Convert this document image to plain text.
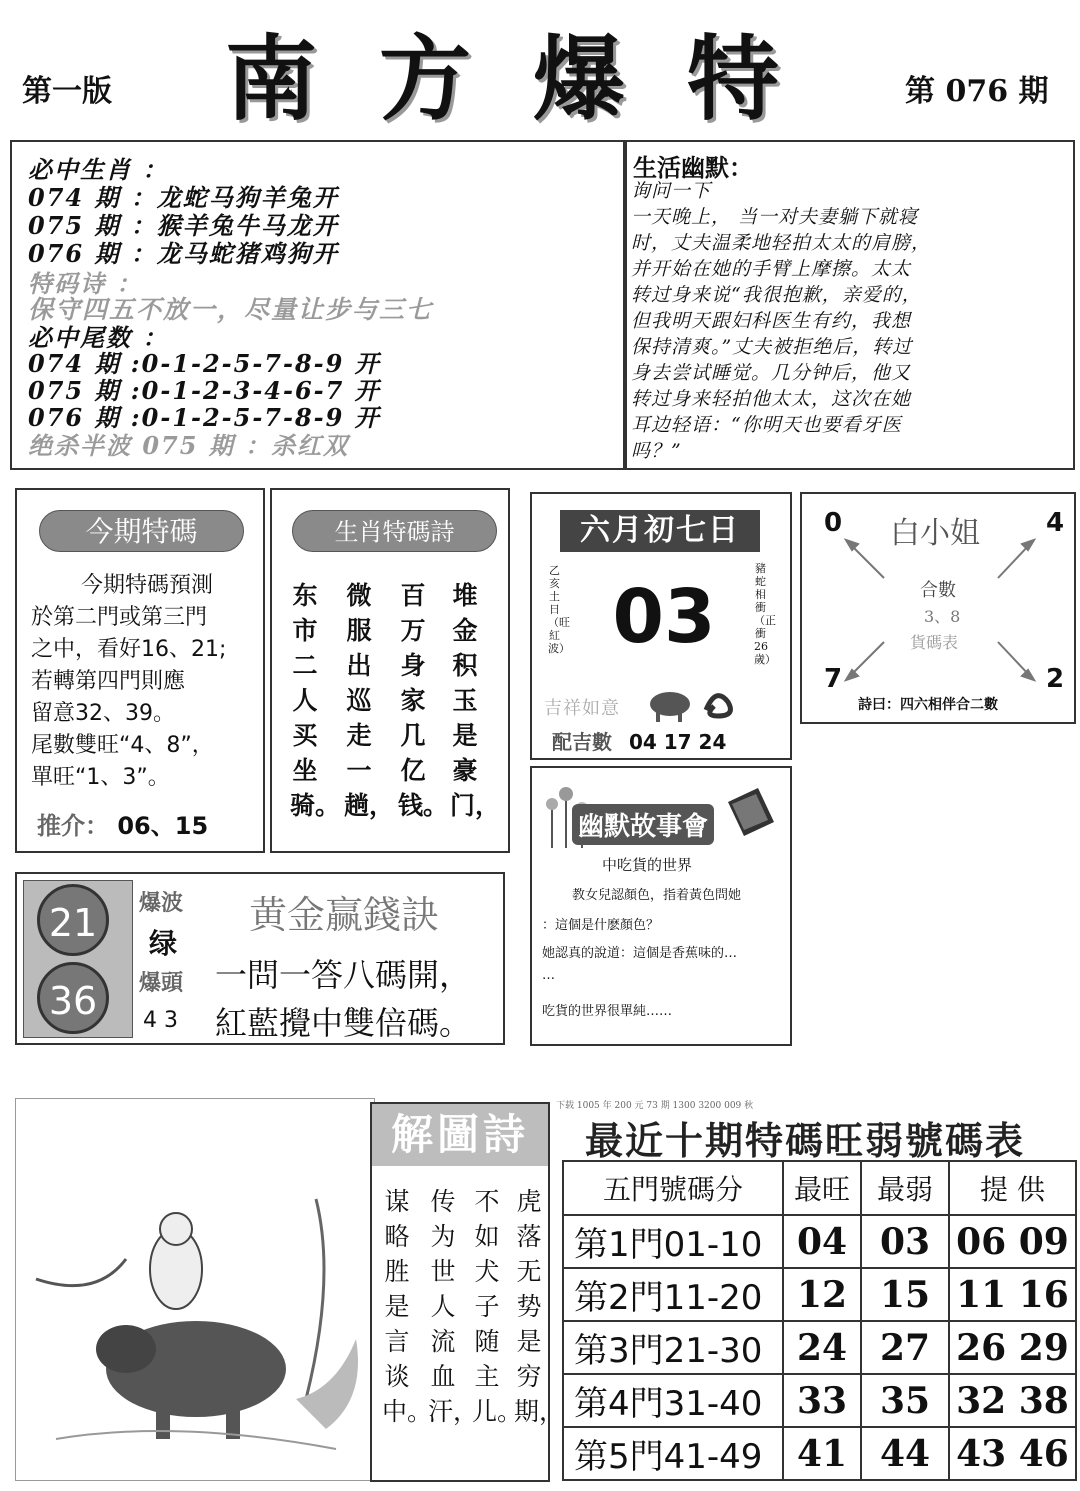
第一版 南方爆特 第 076 期
必中生肖 ：
074 期 ：龙蛇马狗羊兔开
075 期 ：猴羊兔牛马龙开
076 期 ：龙马蛇猪鸡狗开
特码诗 ：
保守四五不放一，尽量让步与三七
必中尾数 ：
074 期 :0-1-2-5-7-8-9 开
075 期 :0-1-2-3-4-6-7 开
076 期 :0-1-2-5-7-8-9 开
绝杀半波 075 期 ：杀红双
生活幽默：
询问一下
一天晚上， 当一对夫妻躺下就寝
时，丈夫温柔地轻拍太太的肩膀，
并开始在她的手臂上摩擦。太太
转过身来说“我很抱歉，亲爱的，
但我明天跟妇科医生有约，我想
保持清爽。”丈夫被拒绝后，转过
身去尝试睡觉。几分钟后，他又
转过身来轻拍他太太，这次在她
耳边轻语：“你明天也要看牙医
吗？”
今期特碼
今期特碼預測
於第二門或第三門
之中，看好16、21;
若轉第四門則應
留意32、39。
尾數雙旺“4、8”，
單旺“1、3”。
推介： 06、15
生肖特碼詩
东市二人买坐骑。
微服出巡走一趟，
百万身家几亿钱。
堆金积玉是豪门，
六月初七日
乙亥土日（旺紅波） 03
豬蛇相衝（正衝26歲）
吉祥如意
配吉數 04 17 24
0	4
7	2
白小姐
合數
3、8
貨碼表
詩曰：四六相伴合二數
幽默故事會
中吃貨的世界
教女兒認顏色，指着黃色問她
：這個是什麽顏色？
她認真的說道：這個是香蕉味的…
…
吃貨的世界很單純……
21
36
爆波
绿
爆頭
4 3
黄金赢錢訣
一問一答八碼開，
紅藍攪中雙倍碼。
解圖詩
虎落无势是穷期，
不如犬子随主儿。
传为世人流血汗，
谋略胜是言谈中。
下载 1005 年 200 元 73 期 1300 3200 009 秋
最近十期特碼旺弱號碼表
五門號碼分	最旺	最弱	提 供
第1門01-10	04	03	06 09
第2門11-20	12	15	11 16
第3門21-30	24	27	26 29
第4門31-40	33	35	32 38
第5門41-49	41	44	43 46
